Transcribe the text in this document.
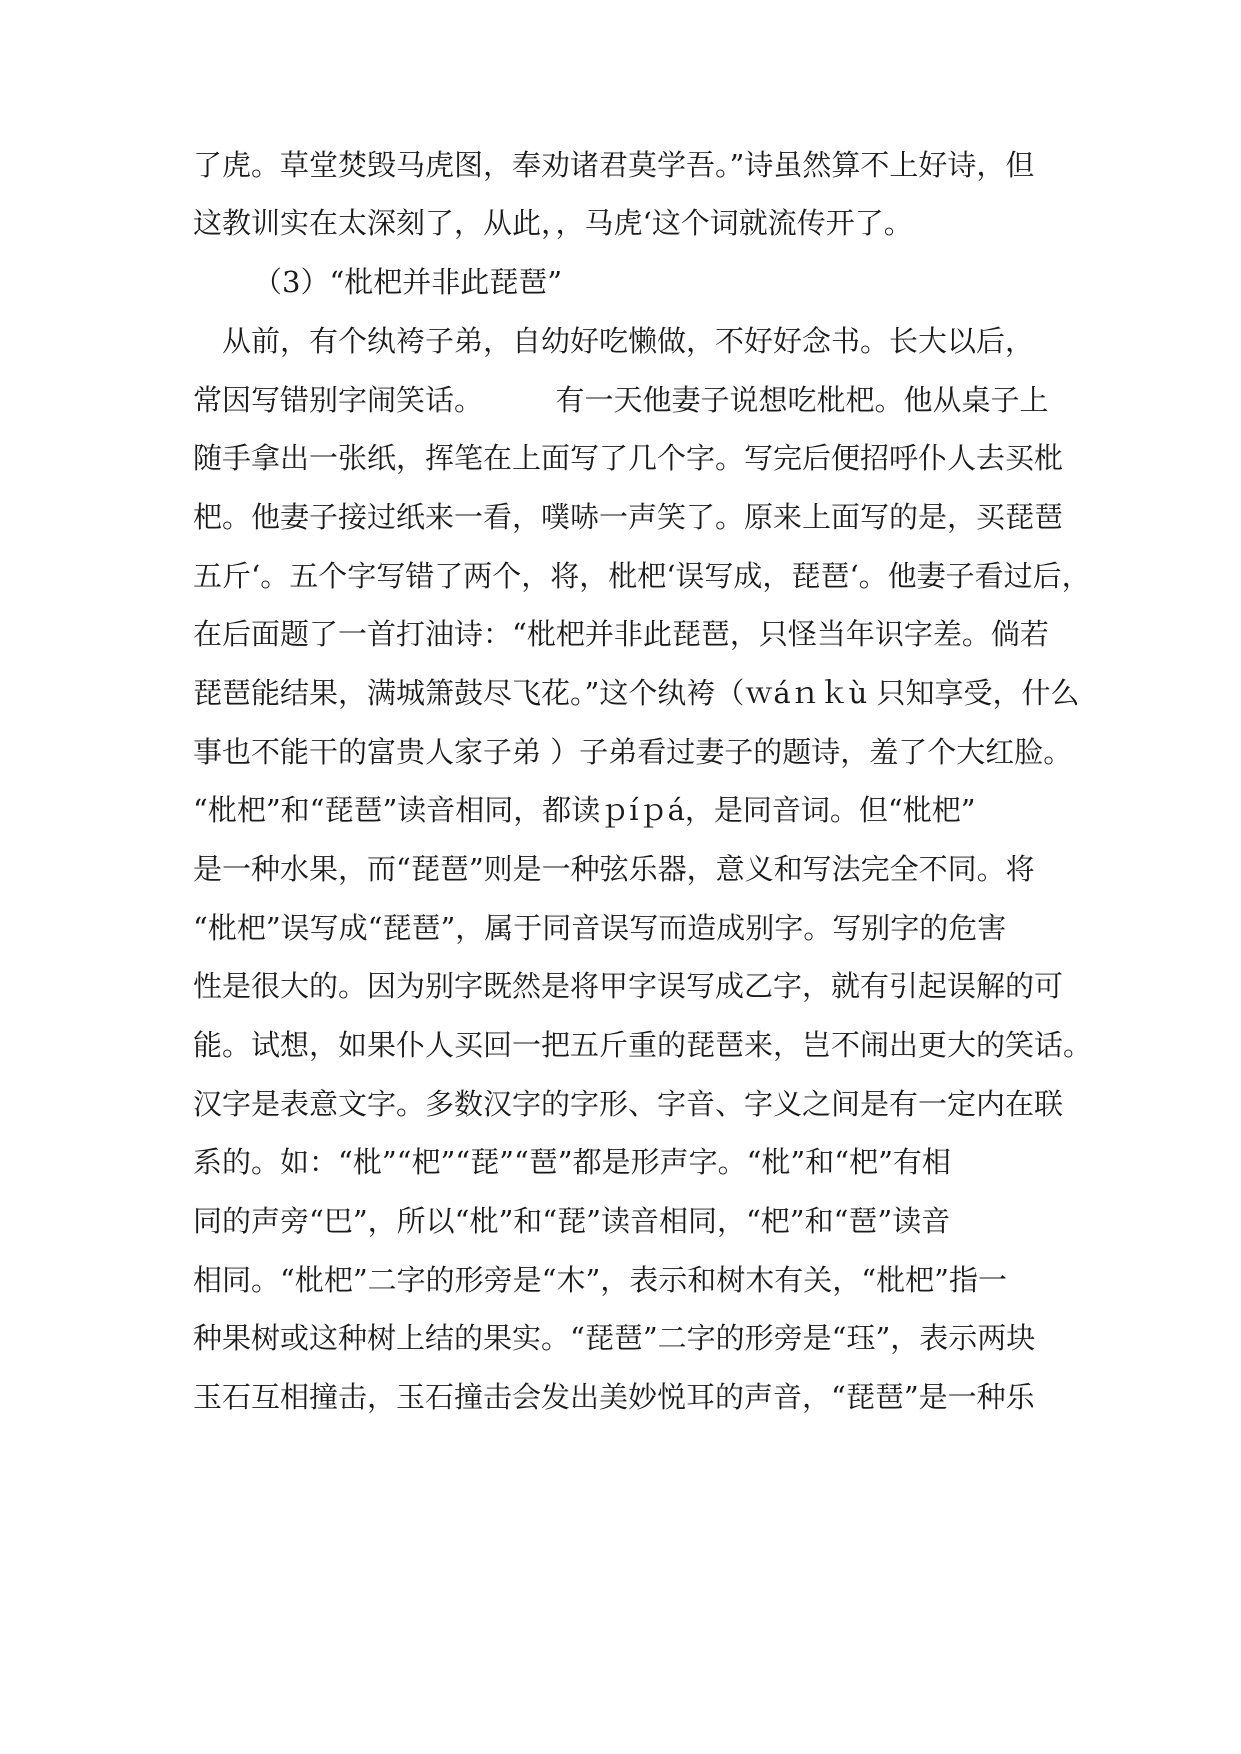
了虎。草堂焚毁马虎图，奉劝诸君莫学吾。”诗虽然算不上好诗，但
这教训实在太深刻了，从此，，马虎‘这个词就流传开了。
（3）“枇杷并非此琵琶”
　从前，有个纨袴子弟，自幼好吃懒做，不好好念书。长大以后，
常因写错别字闹笑话。　　　有一天他妻子说想吃枇杷。他从桌子上
随手拿出一张纸，挥笔在上面写了几个字。写完后便招呼仆人去买枇
杷。他妻子接过纸来一看，噗哧一声笑了。原来上面写的是，买琵琶
五斤‘。五个字写错了两个，将，枇杷‘误写成，琵琶‘。他妻子看过后，
在后面题了一首打油诗：“枇杷并非此琵琶，只怪当年识字差。倘若
琵琶能结果，满城箫鼓尽飞花。”这个纨袴（ｗáｎｋù 只知享受，什么
事也不能干的富贵人家子弟 ）子弟看过妻子的题诗，羞了个大红脸。
“枇杷”和“琵琶”读音相同，都读ｐíｐá，是同音词。但“枇杷”
是一种水果，而“琵琶”则是一种弦乐器，意义和写法完全不同。将
“枇杷”误写成“琵琶”，属于同音误写而造成别字。写别字的危害
性是很大的。因为别字既然是将甲字误写成乙字，就有引起误解的可
能。试想，如果仆人买回一把五斤重的琵琶来，岂不闹出更大的笑话。
汉字是表意文字。多数汉字的字形、字音、字义之间是有一定内在联
系的。如：“枇”“杷”“琵”“琶”都是形声字。“枇”和“杷”有相
同的声旁“巴”，所以“枇”和“琵”读音相同，“杷”和“琶”读音
相同。“枇杷”二字的形旁是“木”，表示和树木有关，“枇杷”指一
种果树或这种树上结的果实。“琵琶”二字的形旁是“珏”，表示两块
玉石互相撞击，玉石撞击会发出美妙悦耳的声音，“琵琶”是一种乐
